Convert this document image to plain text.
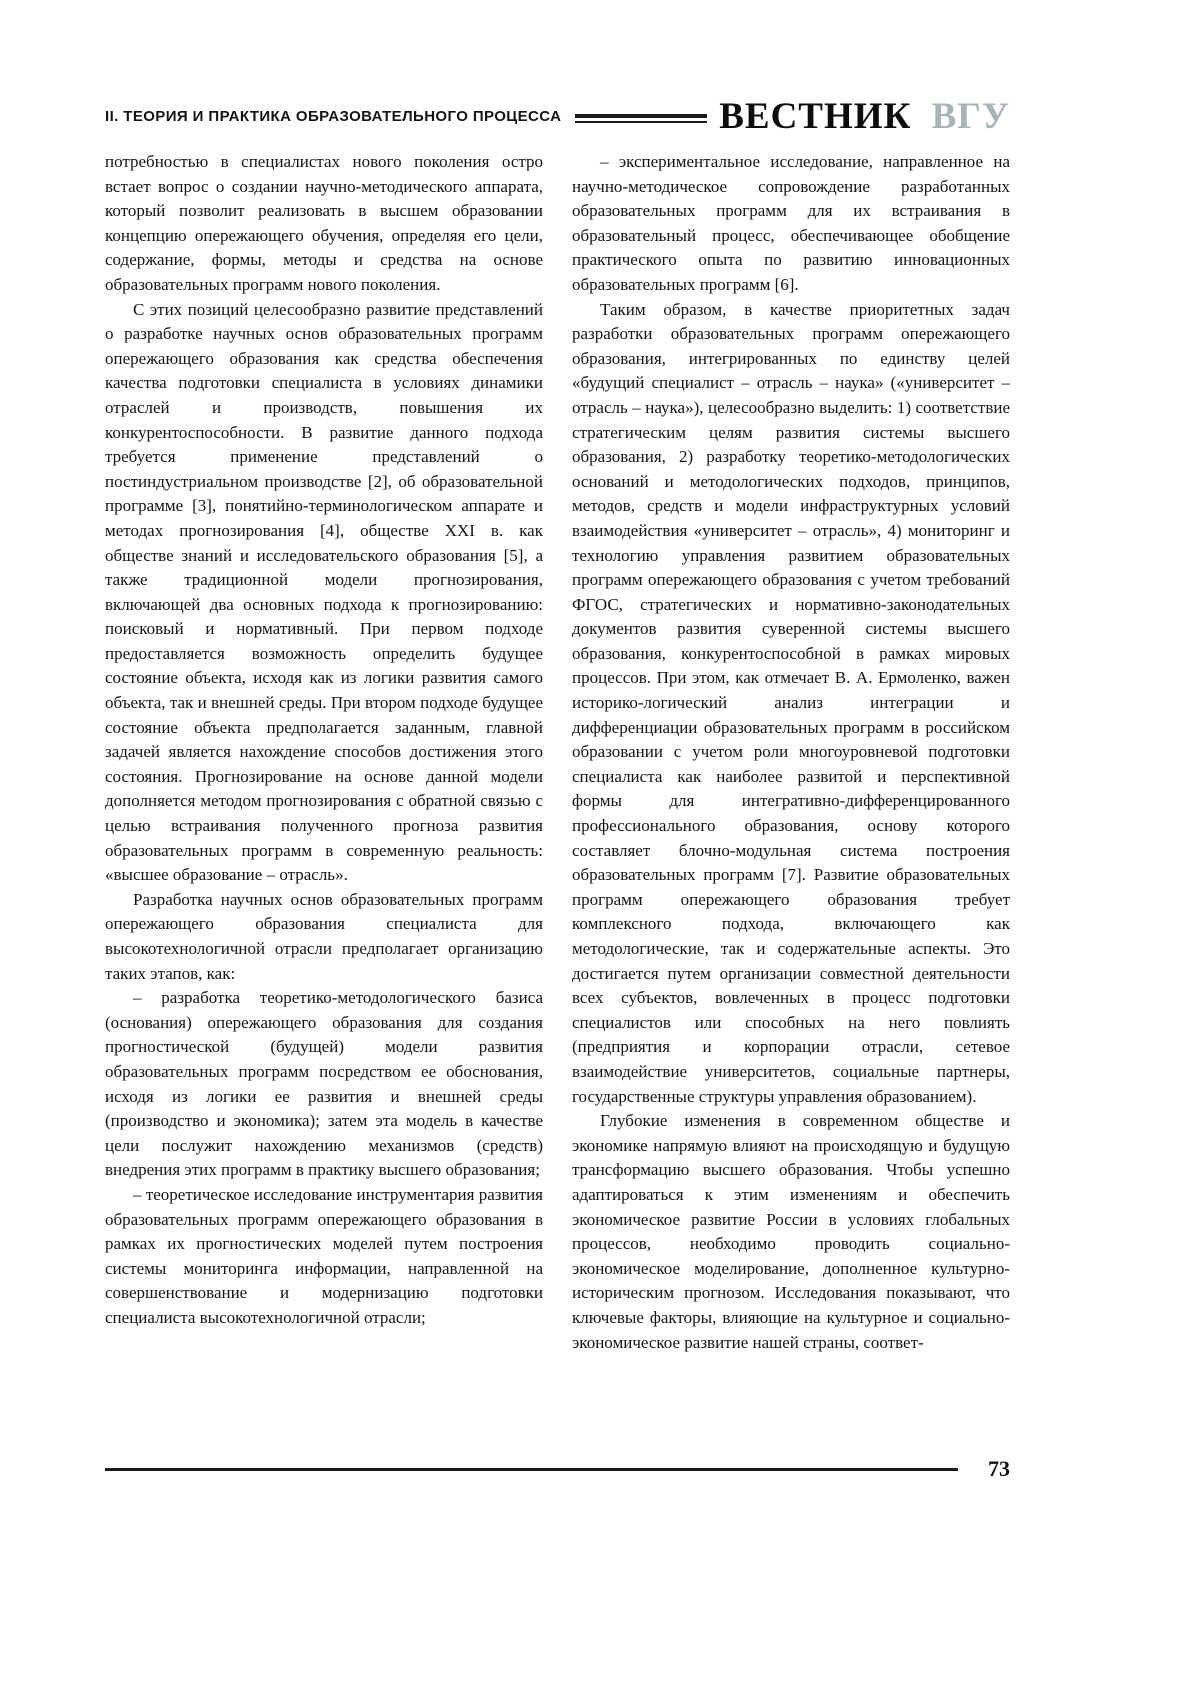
II. ТЕОРИЯ И ПРАКТИКА ОБРАЗОВАТЕЛЬНОГО ПРОЦЕССА	ВЕСТНИК ВГУ

потребностью в специалистах нового поколения остро встает вопрос о создании научно-методического аппарата, который позволит реализовать в высшем образовании концепцию опережающего обучения, определяя его цели, содержание, формы, методы и средства на основе образовательных программ нового поколения.

С этих позиций целесообразно развитие представлений о разработке научных основ образовательных программ опережающего образования как средства обеспечения качества подготовки специалиста в условиях динамики отраслей и производств, повышения их конкурентоспособности. В развитие данного подхода требуется применение представлений о постиндустриальном производстве [2], об образовательной программе [3], понятийно-терминологическом аппарате и методах прогнозирования [4], обществе XXI в. как обществе знаний и исследовательского образования [5], а также традиционной модели прогнозирования, включающей два основных подхода к прогнозированию: поисковый и нормативный. При первом подходе предоставляется возможность определить будущее состояние объекта, исходя как из логики развития самого объекта, так и внешней среды. При втором подходе будущее состояние объекта предполагается заданным, главной задачей является нахождение способов достижения этого состояния. Прогнозирование на основе данной модели дополняется методом прогнозирования с обратной связью с целью встраивания полученного прогноза развития образовательных программ в современную реальность: «высшее образование – отрасль».

Разработка научных основ образовательных программ опережающего образования специалиста для высокотехнологичной отрасли предполагает организацию таких этапов, как:

– разработка теоретико-методологического базиса (основания) опережающего образования для создания прогностической (будущей) модели развития образовательных программ посредством ее обоснования, исходя из логики ее развития и внешней среды (производство и экономика); затем эта модель в качестве цели послужит нахождению механизмов (средств) внедрения этих программ в практику высшего образования;

– теоретическое исследование инструментария развития образовательных программ опережающего образования в рамках их прогностических моделей путем построения системы мониторинга информации, направленной на совершенствование и модернизацию подготовки специалиста высокотехнологичной отрасли;

– экспериментальное исследование, направленное на научно-методическое сопровождение разработанных образовательных программ для их встраивания в образовательный процесс, обеспечивающее обобщение практического опыта по развитию инновационных образовательных программ [6].

Таким образом, в качестве приоритетных задач разработки образовательных программ опережающего образования, интегрированных по единству целей «будущий специалист – отрасль – наука» («университет – отрасль – наука»), целесообразно выделить: 1) соответствие стратегическим целям развития системы высшего образования, 2) разработку теоретико-методологических оснований и методологических подходов, принципов, методов, средств и модели инфраструктурных условий взаимодействия «университет – отрасль», 4) мониторинг и технологию управления развитием образовательных программ опережающего образования с учетом требований ФГОС, стратегических и нормативно-законодательных документов развития суверенной системы высшего образования, конкурентоспособной в рамках мировых процессов. При этом, как отмечает В. А. Ермоленко, важен историко-логический анализ интеграции и дифференциации образовательных программ в российском образовании с учетом роли многоуровневой подготовки специалиста как наиболее развитой и перспективной формы для интегративно-дифференцированного профессионального образования, основу которого составляет блочно-модульная система построения образовательных программ [7]. Развитие образовательных программ опережающего образования требует комплексного подхода, включающего как методологические, так и содержательные аспекты. Это достигается путем организации совместной деятельности всех субъектов, вовлеченных в процесс подготовки специалистов или способных на него повлиять (предприятия и корпорации отрасли, сетевое взаимодействие университетов, социальные партнеры, государственные структуры управления образованием).

Глубокие изменения в современном обществе и экономике напрямую влияют на происходящую и будущую трансформацию высшего образования. Чтобы успешно адаптироваться к этим изменениям и обеспечить экономическое развитие России в условиях глобальных процессов, необходимо проводить социально-экономическое моделирование, дополненное культурно-историческим прогнозом. Исследования показывают, что ключевые факторы, влияющие на культурное и социально-экономическое развитие нашей страны, соответ-

73
